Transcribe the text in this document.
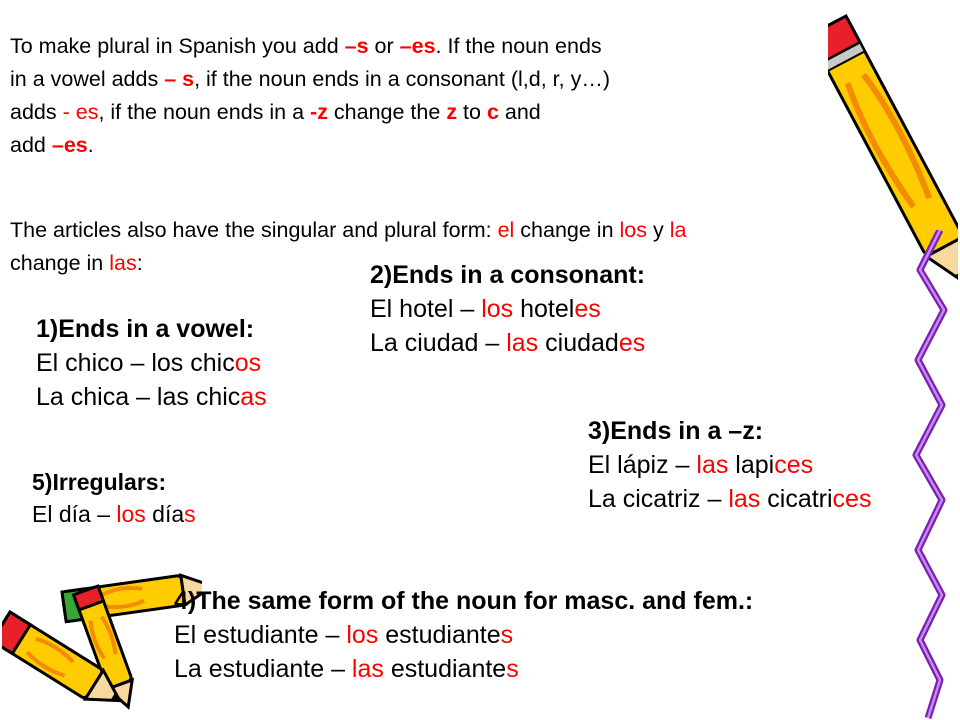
To make plural in Spanish you add –s or –es. If the noun ends
in a vowel adds – s, if the noun ends in a consonant (l,d, r, y…)
adds - es, if the noun ends in a -z change the z to c and
add –es.
The articles also have the singular and plural form: el change in los y la
change in las:
1)Ends in a vowel:
El chico – los chicos
La chica – las chicas
2)Ends in a consonant:
El hotel – los hoteles
La ciudad – las ciudades
3)Ends in a –z:
El lápiz – las lapices
La cicatriz – las cicatrices
5)Irregulars:
El día – los días
4)The same form of the noun for masc. and fem.:
El estudiante – los estudiantes
La estudiante – las estudiantes
